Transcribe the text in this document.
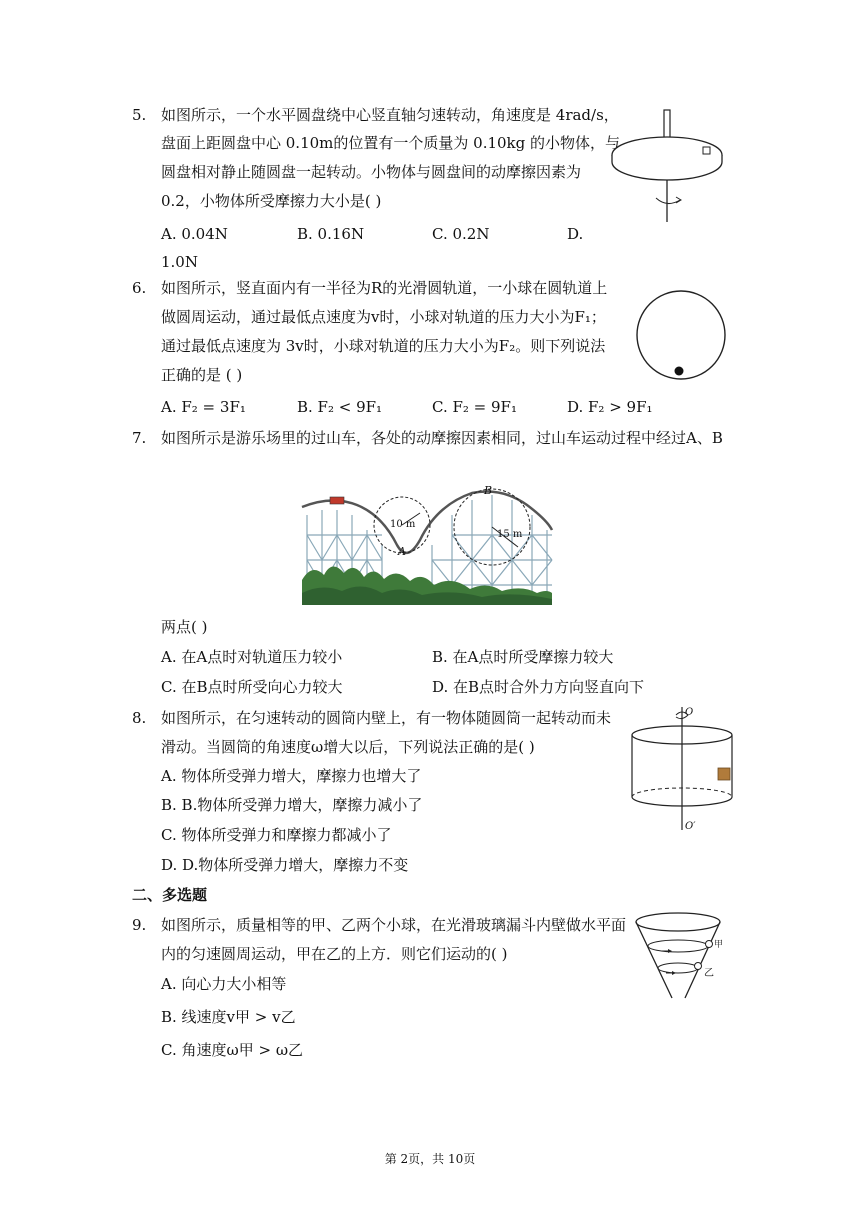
5. 如图所示，一个水平圆盘绕中心竖直轴匀速转动，角速度是 4rad/s，
盘面上距圆盘中心 0.10m的位置有一个质量为 0.10kg 的小物体，与
圆盘相对静止随圆盘一起转动。小物体与圆盘间的动摩擦因素为
0.2，小物体所受摩擦力大小是( )
A. 0.04N	B. 0.16N	C. 0.2N	D.
1.0N
6. 如图所示，竖直面内有一半径为R的光滑圆轨道，一小球在圆轨道上
做圆周运动，通过最低点速度为v时，小球对轨道的压力大小为F₁；
通过最低点速度为 3v时，小球对轨道的压力大小为F₂。则下列说法
正确的是 ( )
A. F₂ = 3F₁	B. F₂ < 9F₁	C. F₂ = 9F₁	D. F₂ > 9F₁
7. 如图所示是游乐场里的过山车，各处的动摩擦因素相同，过山车运动过程中经过A、B
10 m
15 m
A
B
两点( )
A. 在A点时对轨道压力较小	B. 在A点时所受摩擦力较大
C. 在B点时所受向心力较大	D. 在B点时合外力方向竖直向下
8. 如图所示，在匀速转动的圆筒内壁上，有一物体随圆筒一起转动而未
滑动。当圆筒的角速度ω增大以后，下列说法正确的是( )
A. 物体所受弹力增大，摩擦力也增大了
B. B.物体所受弹力增大，摩擦力减小了
C. 物体所受弹力和摩擦力都减小了
D. D.物体所受弹力增大，摩擦力不变
O
O′
二、多选题
9. 如图所示，质量相等的甲、乙两个小球，在光滑玻璃漏斗内壁做水平面
内的匀速圆周运动，甲在乙的上方．则它们运动的( )
A. 向心力大小相等
B. 线速度v甲 > v乙
C. 角速度ω甲 > ω乙
甲
乙
第 2页，共 10页
